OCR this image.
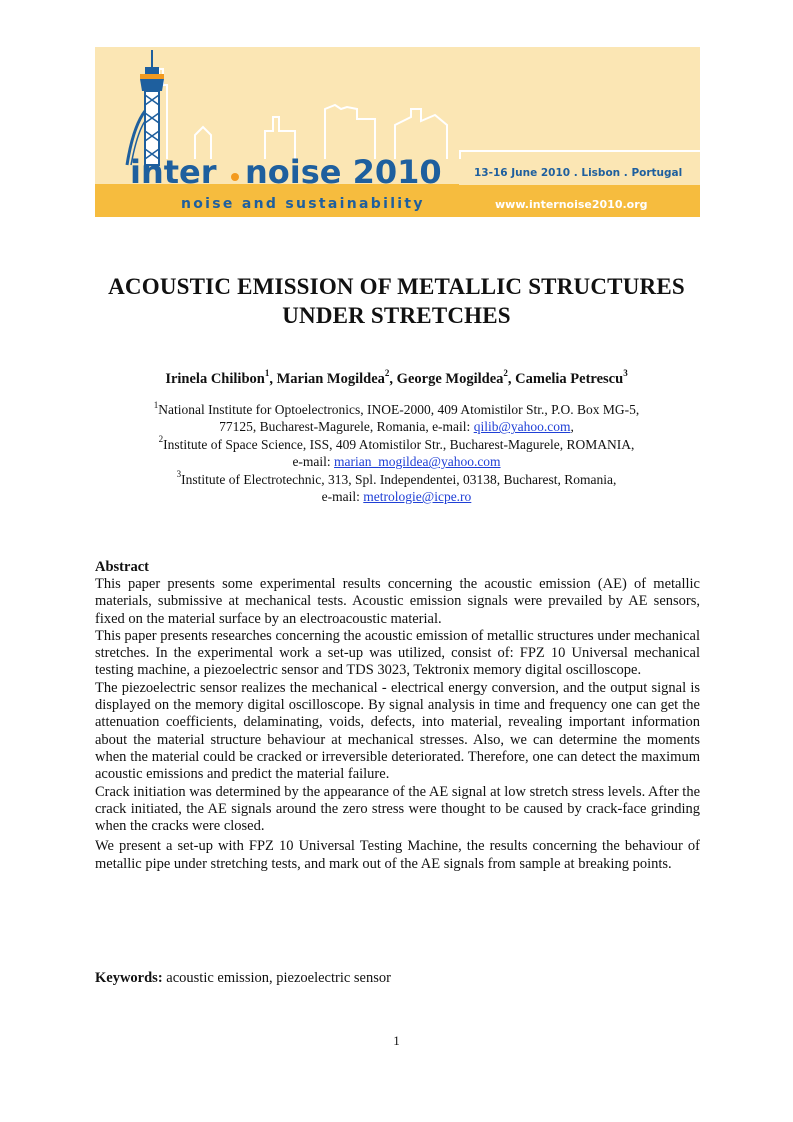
inter noise 2010
noise and sustainability
13-16 June 2010 . Lisbon . Portugal
www.internoise2010.org
ACOUSTIC EMISSION OF METALLIC STRUCTURES
UNDER STRETCHES

Irinela Chilibon$^1$, Marian Mogildea$^2$, George Mogildea$^2$, Camelia Petrescu$^3$

$^1$National Institute for Optoelectronics, INOE-2000, 409 Atomistilor Str., P.O. Box MG-5,
77125, Bucharest-Magurele, Romania, e-mail: qilib@yahoo.com,
$^2$Institute of Space Science, ISS, 409 Atomistilor Str., Bucharest-Magurele, ROMANIA,
e-mail: marian_mogildea@yahoo.com
$^3$Institute of Electrotechnic, 313, Spl. Independentei, 03138, Bucharest, Romania,
e-mail: metrologie@icpe.ro
Abstract

This paper presents some experimental results concerning the acoustic emission (AE) of metallic materials, submissive at mechanical tests. Acoustic emission signals were prevailed by AE sensors, fixed on the material surface by an electroacoustic material.

This paper presents researches concerning the acoustic emission of metallic structures under mechanical stretches. In the experimental work a set-up was utilized, consist of: FPZ 10 Universal mechanical testing machine, a piezoelectric sensor and TDS 3023, Tektronix memory digital oscilloscope.

The piezoelectric sensor realizes the mechanical - electrical energy conversion, and the output signal is displayed on the memory digital oscilloscope. By signal analysis in time and frequency one can get the attenuation coefficients, delaminating, voids, defects, into material, revealing important information about the material structure behaviour at mechanical stresses. Also, we can determine the moments when the material could be cracked or irreversible deteriorated. Therefore, one can detect the maximum acoustic emissions and predict the material failure.

Crack initiation was determined by the appearance of the AE signal at low stretch stress levels. After the crack initiated, the AE signals around the zero stress were thought to be caused by crack-face grinding when the cracks were closed.

We present a set-up with FPZ 10 Universal Testing Machine, the results concerning the behaviour of metallic pipe under stretching tests, and mark out of the AE signals from sample at breaking points.

Keywords: acoustic emission, piezoelectric sensor

1
